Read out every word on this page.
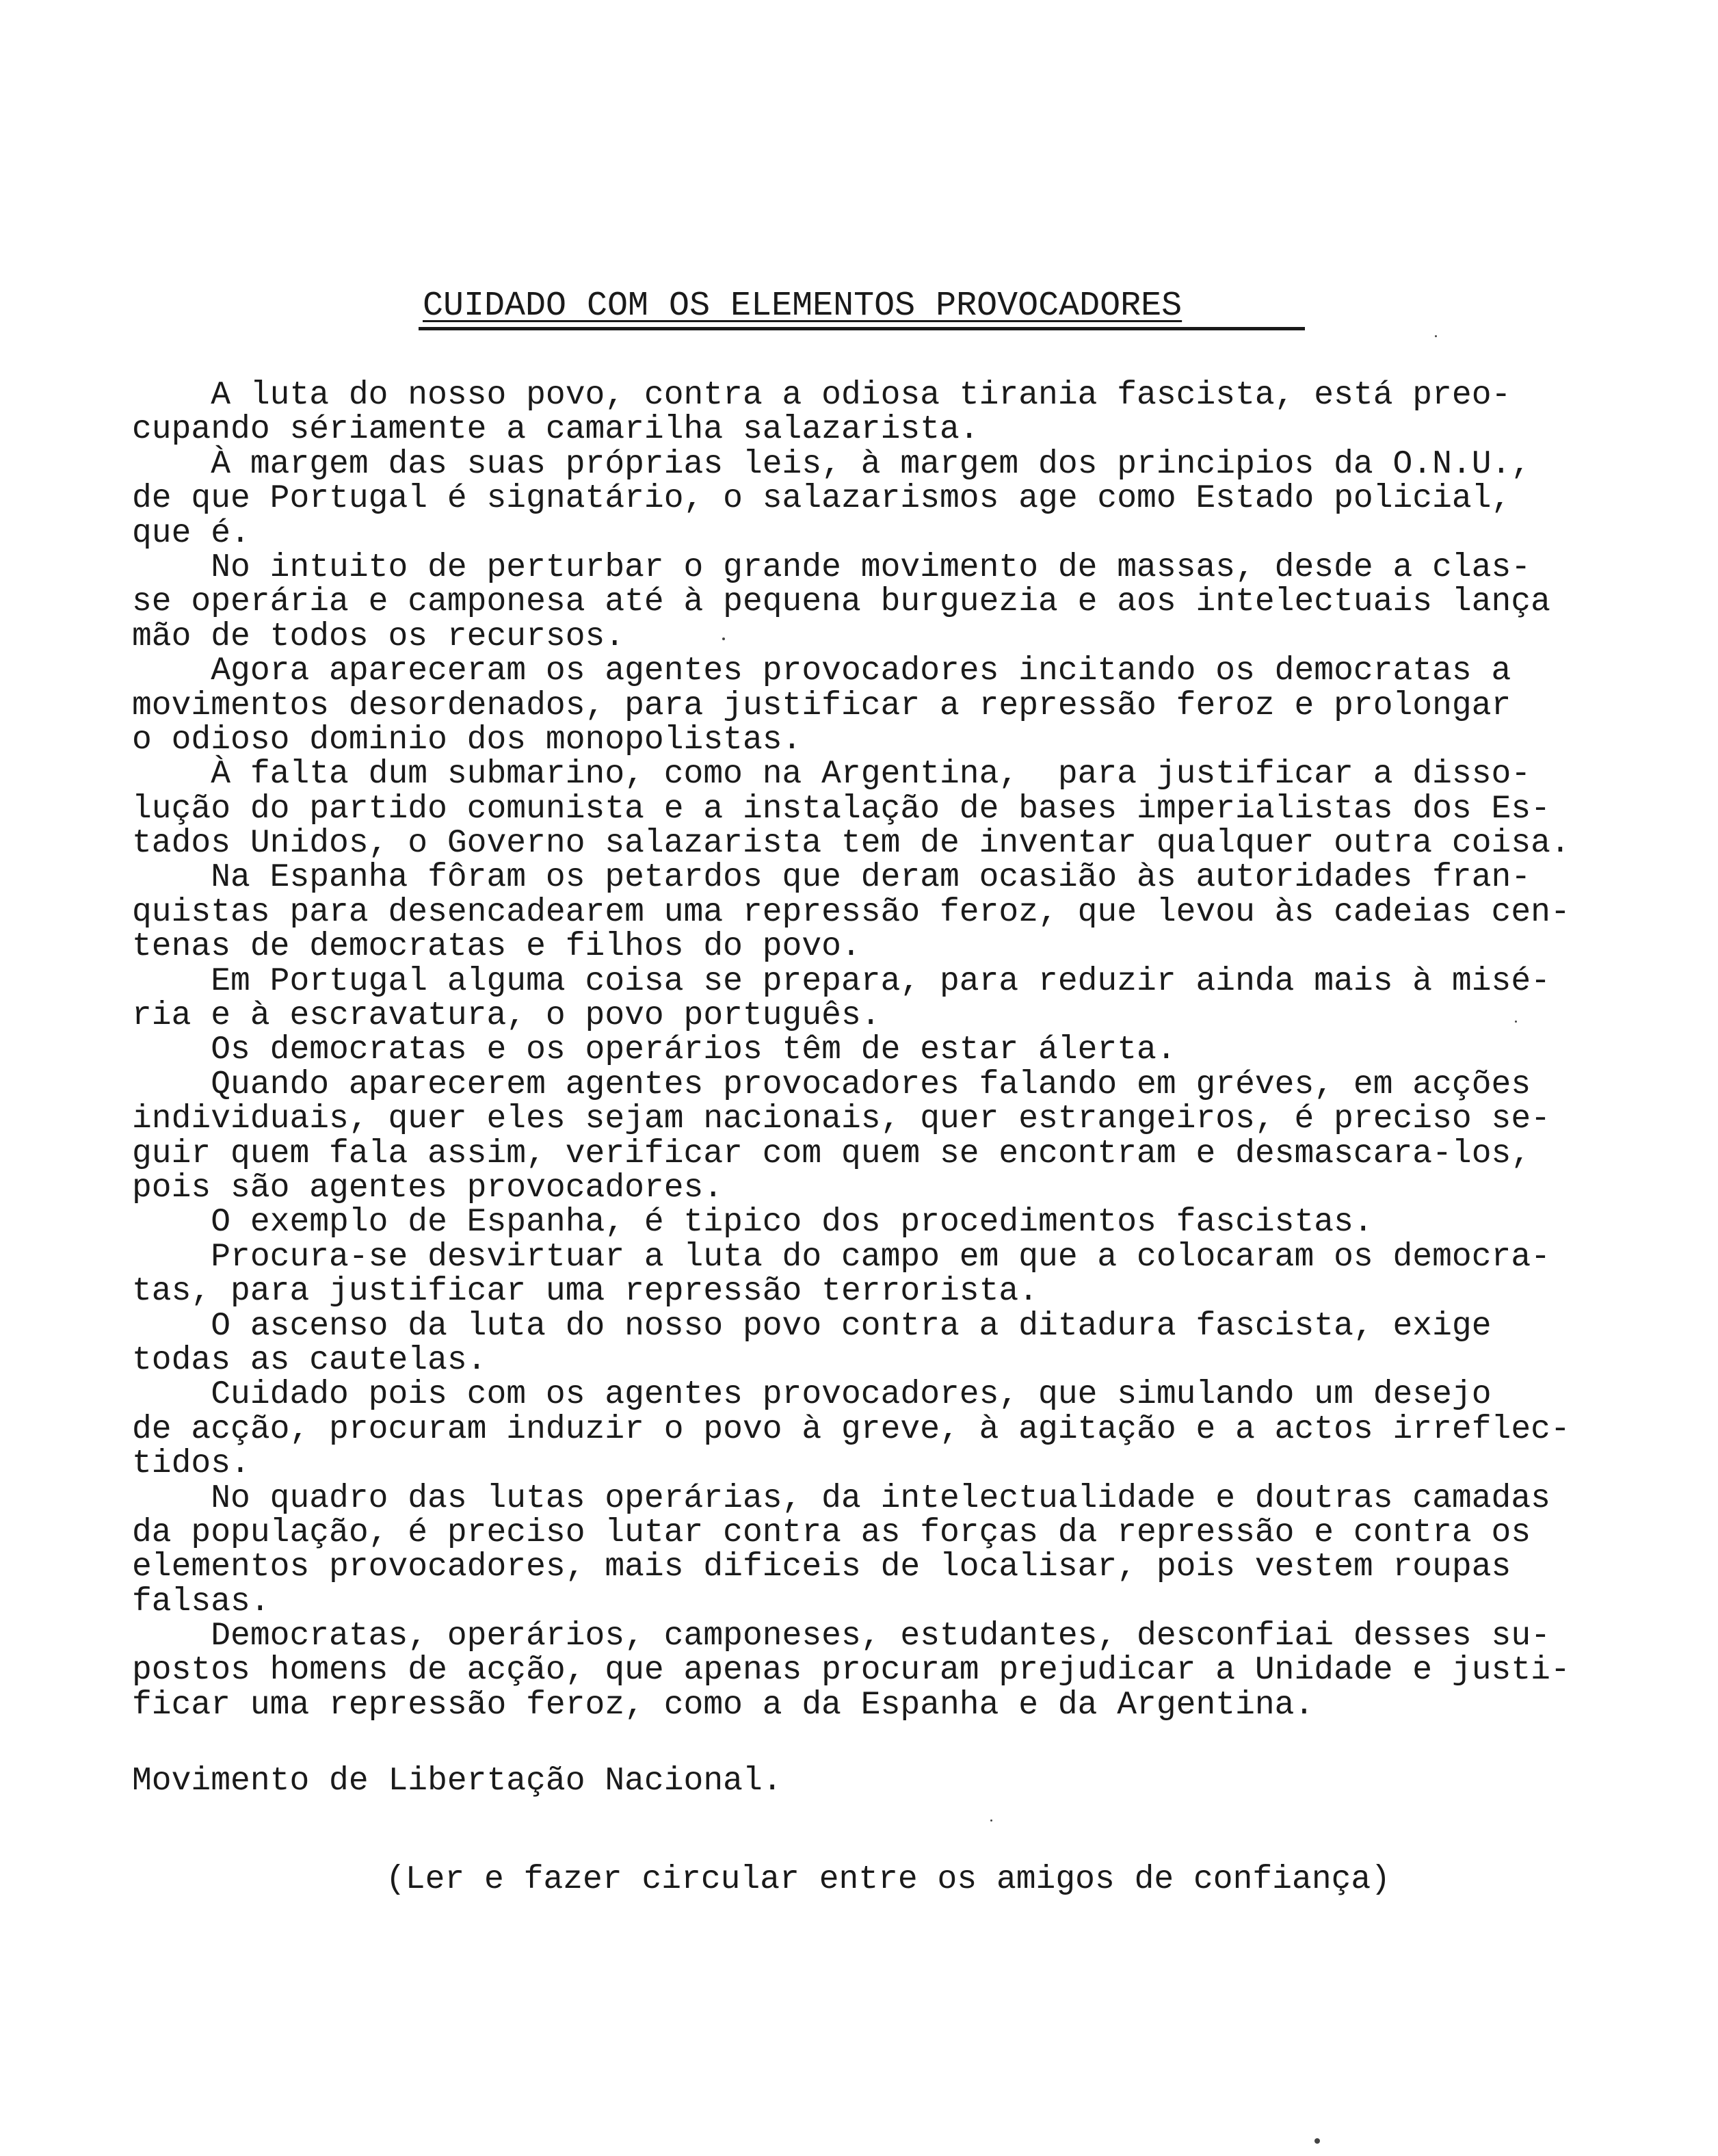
CUIDADO COM OS ELEMENTOS PROVOCADORES
A luta do nosso povo, contra a odiosa tirania fascista, está preo-
cupando sériamente a camarilha salazarista.
À margem das suas próprias leis, à margem dos principios da O.N.U.,
de que Portugal é signatário, o salazarismos age como Estado policial,
que é.
No intuito de perturbar o grande movimento de massas, desde a clas-
se operária e camponesa até à pequena burguezia e aos intelectuais lança
mão de todos os recursos.
Agora apareceram os agentes provocadores incitando os democratas a
movimentos desordenados, para justificar a repressão feroz e prolongar
o odioso dominio dos monopolistas.
À falta dum submarino, como na Argentina,  para justificar a disso-
lução do partido comunista e a instalação de bases imperialistas dos Es-
tados Unidos, o Governo salazarista tem de inventar qualquer outra coisa.
Na Espanha fôram os petardos que deram ocasião às autoridades fran-
quistas para desencadearem uma repressão feroz, que levou às cadeias cen-
tenas de democratas e filhos do povo.
Em Portugal alguma coisa se prepara, para reduzir ainda mais à misé-
ria e à escravatura, o povo português.
Os democratas e os operários têm de estar álerta.
Quando aparecerem agentes provocadores falando em gréves, em acções
individuais, quer eles sejam nacionais, quer estrangeiros, é preciso se-
guir quem fala assim, verificar com quem se encontram e desmascara-los,
pois são agentes provocadores.
O exemplo de Espanha, é tipico dos procedimentos fascistas.
Procura-se desvirtuar a luta do campo em que a colocaram os democra-
tas, para justificar uma repressão terrorista.
O ascenso da luta do nosso povo contra a ditadura fascista, exige
todas as cautelas.
Cuidado pois com os agentes provocadores, que simulando um desejo
de acção, procuram induzir o povo à greve, à agitação e a actos irreflec-
tidos.
No quadro das lutas operárias, da intelectualidade e doutras camadas
da população, é preciso lutar contra as forças da repressão e contra os
elementos provocadores, mais dificeis de localisar, pois vestem roupas
falsas.
Democratas, operários, camponeses, estudantes, desconfiai desses su-
postos homens de acção, que apenas procuram prejudicar a Unidade e justi-
ficar uma repressão feroz, como a da Espanha e da Argentina.
Movimento de Libertação Nacional.
(Ler e fazer circular entre os amigos de confiança)
